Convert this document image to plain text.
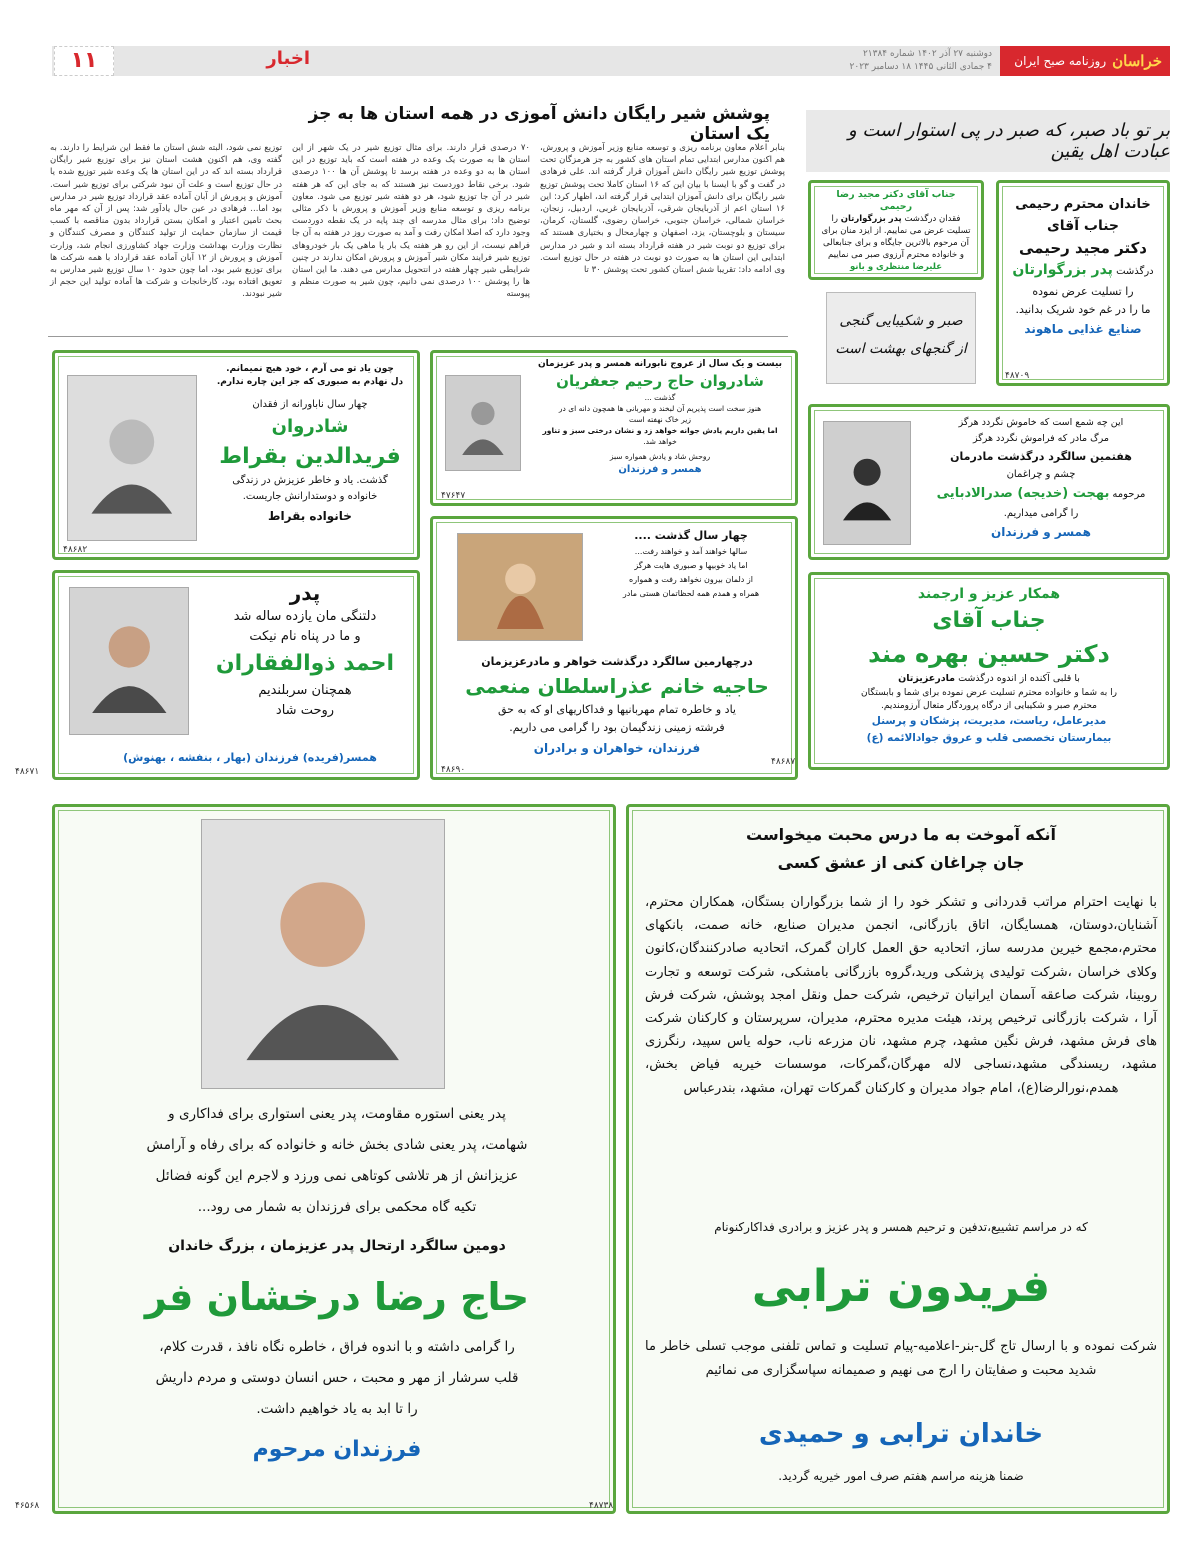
۱۱	اخبار	دوشنبه ۲۷ آذر ۱۴۰۲ شماره ۲۱۳۸۴
۴ جمادی الثانی ۱۴۴۵ ۱۸ دسامبر ۲۰۲۳	خراسان
روزنامه صبح ایران
پوشش شیر رایگان دانش آموزی در همه استان ها به جز یک استان
بنابر اعلام معاون برنامه ریزی و توسعه منابع وزیر آموزش و پرورش، هم اکنون مدارس ابتدایی تمام استان های کشور به جز هرمزگان تحت پوشش توزیع شیر رایگان دانش آموزان قرار گرفته اند. علی فرهادی در گفت و گو با ایسنا با بیان این که ۱۶ استان کاملا تحت پوشش توزیع شیر رایگان برای دانش آموزان ابتدایی قرار گرفته اند، اظهار کرد: این ۱۶ استان اعم از آذربایجان شرقی، آذربایجان غربی، اردبیل، زنجان، خراسان شمالی، خراسان جنوبی، خراسان رضوی، گلستان، کرمان، سیستان و بلوچستان، یزد، اصفهان و چهارمحال و بختیاری هستند که برای توزیع دو نوبت شیر در هفته قرارداد بسته اند و شیر در مدارس ابتدایی این استان ها به صورت دو نوبت در هفته در حال توزیع است. وی ادامه داد: تقریبا شش استان کشور تحت پوشش ۳۰ تا
۷۰ درصدی قرار دارند. برای مثال توزیع شیر در یک شهر از این استان ها به صورت یک وعده در هفته است که باید توزیع در این استان ها به دو وعده در هفته برسد تا پوشش آن ها ۱۰۰ درصدی شود. برخی نقاط دوردست نیز هستند که به جای این که هر هفته شیر در آن جا توزیع شود، هر دو هفته شیر توزیع می شود. معاون برنامه ریزی و توسعه منابع وزیر آموزش و پرورش با ذکر مثالی توضیح داد: برای مثال مدرسه ای چند پایه در یک نقطه دوردست وجود دارد که اصلا امکان رفت و آمد به صورت روز در هفته به آن جا فراهم نیست، از این رو هر هفته یک بار یا ماهی یک بار خودروهای توزیع شیر فرایند مکان شیر آموزش و پرورش امکان ندارند در چنین شرایطی شیر چهار هفته در انتحویل مدارس می دهند. ما این استان ها را پوشش ۱۰۰ درصدی نمی دانیم، چون شیر به صورت منظم و پیوسته
توزیع نمی شود، البته شش استان ما فقط این شرایط را دارند. به گفته وی، هم اکنون هشت استان نیز برای توزیع شیر رایگان قرارداد بسته اند که در این استان ها یک وعده شیر توزیع شده یا در حال توزیع است و علت آن نبود شرکتی برای توزیع شیر است. آموزش و پرورش از آبان آماده عقد قرارداد توزیع شیر در مدارس بود اما... فرهادی در عین حال یادآور شد: پس از آن که مهر ماه بحث تامین اعتبار و امکان بستن قرارداد بدون مناقصه با کسب قیمت از سازمان حمایت از تولید کنندگان و مصرف کنندگان و نظارت وزارت بهداشت وزارت جهاد کشاورزی انجام شد، وزارت آموزش و پرورش از ۱۲ آبان آماده عقد قرارداد با همه شرکت ها برای توزیع شیر بود، اما چون حدود ۱۰ سال توزیع شیر مدارس به تعویق افتاده بود، کارخانجات و شرکت ها آماده تولید این حجم از شیر نبودند.
بر تو باد صبر، که صبر در پی استوار است و عبادت اهل یقین
خاندان محترم رحیمی
جناب آقای
دکتر مجید رحیمی
درگذشت پدر بزرگوارتان
را تسلیت عرض نموده
ما را در غم خود شریک بدانید.
صنایع غذایی ماهوند
۴۸۷۰۹
جناب آقای دکتر مجید رضا رحیمی
فقدان درگذشت پدر بزرگوارتان را
تسلیت عرض می نماییم. از ایزد منان برای
آن مرحوم بالاترین جایگاه و برای جنابعالی
و خانواده محترم آرزوی صبر می نماییم
علیرضا منتظری و بانو
صبر و شکیبایی گنجی
از گنجهای بهشت است
این چه شمع است که خاموش نگردد هرگز
مرگ مادر که فراموش نگردد هرگز
هفتمین سالگرد درگذشت مادرمان
چشم و چراغمان
مرحومه بهجت (خدیجه) صدرالادبایی
را گرامی میداریم.
همسر و فرزندان
بیست و یک سال از عروج نابورانه همسر و پدر عزیزمان
شادروان حاج رحیم جعفریان
گذشت ...
هنوز سخت است پذیریم آن لبخند و مهربانی ها همچون دانه ای در
زیر خاک نهفته است
اما یقین داریم یادش جوانه خواهد زد و نشان درختی سبز و تناور
خواهد شد.
روحش شاد و یادش همواره سبز
همسر و فرزندان
۴۷۶۴۷
چون یاد تو می آرم ، خود هیچ نمیمانم.
دل نهادم به صبوری که جز این چاره ندارم.
چهار سال ناباورانه از فقدان
شادروان
فریدالدین بقراط
گذشت. یاد و خاطر عزیزش در زندگی
خانواده و دوستدارانش جاریست.
خانواده بقراط
۴۸۶۸۲
چهار سال گذشت ....
سالها خواهند آمد و خواهند رفت...
اما یاد خوبیها و صبوری هایت هرگز
از دلمان بیرون نخواهد رفت و همواره
همراه و همدم همه لحظاتمان هستی مادر
درچهارمین سالگرد درگذشت خواهر و مادرعزیزمان
حاجیه خانم عذراسلطان منعمی
یاد و خاطره تمام مهربانیها و فداکاریهای او که به حق
فرشته زمینی زندگیمان بود را گرامی می داریم.
فرزندان، خواهران و برادران
۴۸۶۹۰
پدر
دلتنگی مان یازده ساله شد
و ما در پناه نام نیکت
احمد ذوالفقاران
همچنان سربلندیم
روحت شاد
همسر(فریده) فرزندان (بهار ، بنفشه ، بهنوش)
۴۸۶۷۱
همکار عزیز و ارجمند
جناب آقای
دکتر حسین بهره مند
با قلبی آکنده از اندوه درگذشت مادرعزیزتان
را به شما و خانواده محترم تسلیت عرض نموده برای شما و بابستگان
محترم صبر و شکیبایی از درگاه پروردگار متعال آرزومندیم.
مدیرعامل، ریاست، مدیریت، پزشکان و پرسنل
بیمارستان تخصصی قلب و عروق جوادالائمه (ع)
۴۸۶۸۷
پدر یعنی استوره مقاومت، پدر یعنی استواری برای فداکاری و
شهامت، پدر یعنی شادی بخش خانه و خانواده که برای رفاه و آرامش
عزیزانش از هر تلاشی کوتاهی نمی ورزد و لاجرم این گونه فضائل
تکیه گاه محکمی برای فرزندان به شمار می رود...
دومین سالگرد ارتحال پدر عزیزمان ، بزرگ خاندان
حاج رضا درخشان فر
را گرامی داشته و با اندوه فراق ، خاطره نگاه نافذ ، قدرت کلام،
قلب سرشار از مهر و محبت ، حس انسان دوستی و مردم داریش
را تا ابد به یاد خواهیم داشت.
فرزندان مرحوم
۴۶۵۶۸
آنکه آموخت به ما درس محبت میخواست
جان چراغان کنی از عشق کسی
با نهایت احترام مراتب قدردانی و تشکر خود را از شما بزرگواران بستگان، همکاران محترم، آشنایان،دوستان، همسایگان، اتاق بازرگانی، انجمن مدیران صنایع، خانه صمت، بانکهای محترم،مجمع خیرین مدرسه ساز، اتحادیه حق العمل کاران گمرک، اتحادیه صادرکنندگان،کانون وکلای خراسان ،شرکت تولیدی پزشکی ورید،گروه بازرگانی بامشکی، شرکت توسعه و تجارت روبینا، شرکت صاعقه آسمان ایرانیان ترخیص، شرکت حمل ونقل امجد پوشش، شرکت فرش آرا ، شرکت بازرگانی ترخیص پرند، هیئت مدیره محترم، مدیران، سرپرستان و کارکنان شرکت های فرش مشهد، فرش نگین مشهد، چرم مشهد، نان مزرعه ناب، حوله یاس سپید، رنگرزی مشهد، ریسندگی مشهد،نساجی لاله مهرگان،گمرکات، موسسات خیریه فیاض بخش، همدم،نورالرضا(ع)، امام جواد مدیران و کارکنان گمرکات تهران، مشهد، بندرعباس
که در مراسم تشییع،تدفین و ترحیم همسر و پدر عزیز و برادری فداکارکنونام
فریدون ترابی
شرکت نموده و با ارسال تاج گل-بنر-اعلامیه-پیام تسلیت و تماس تلفنی موجب تسلی خاطر ما شدید محبت و صفایتان را ارج می نهیم و صمیمانه سپاسگزاری می نمائیم
خاندان ترابی و حمیدی
ضمنا هزینه مراسم هفتم صرف امور خیریه گردید.
۴۸۷۳۸
